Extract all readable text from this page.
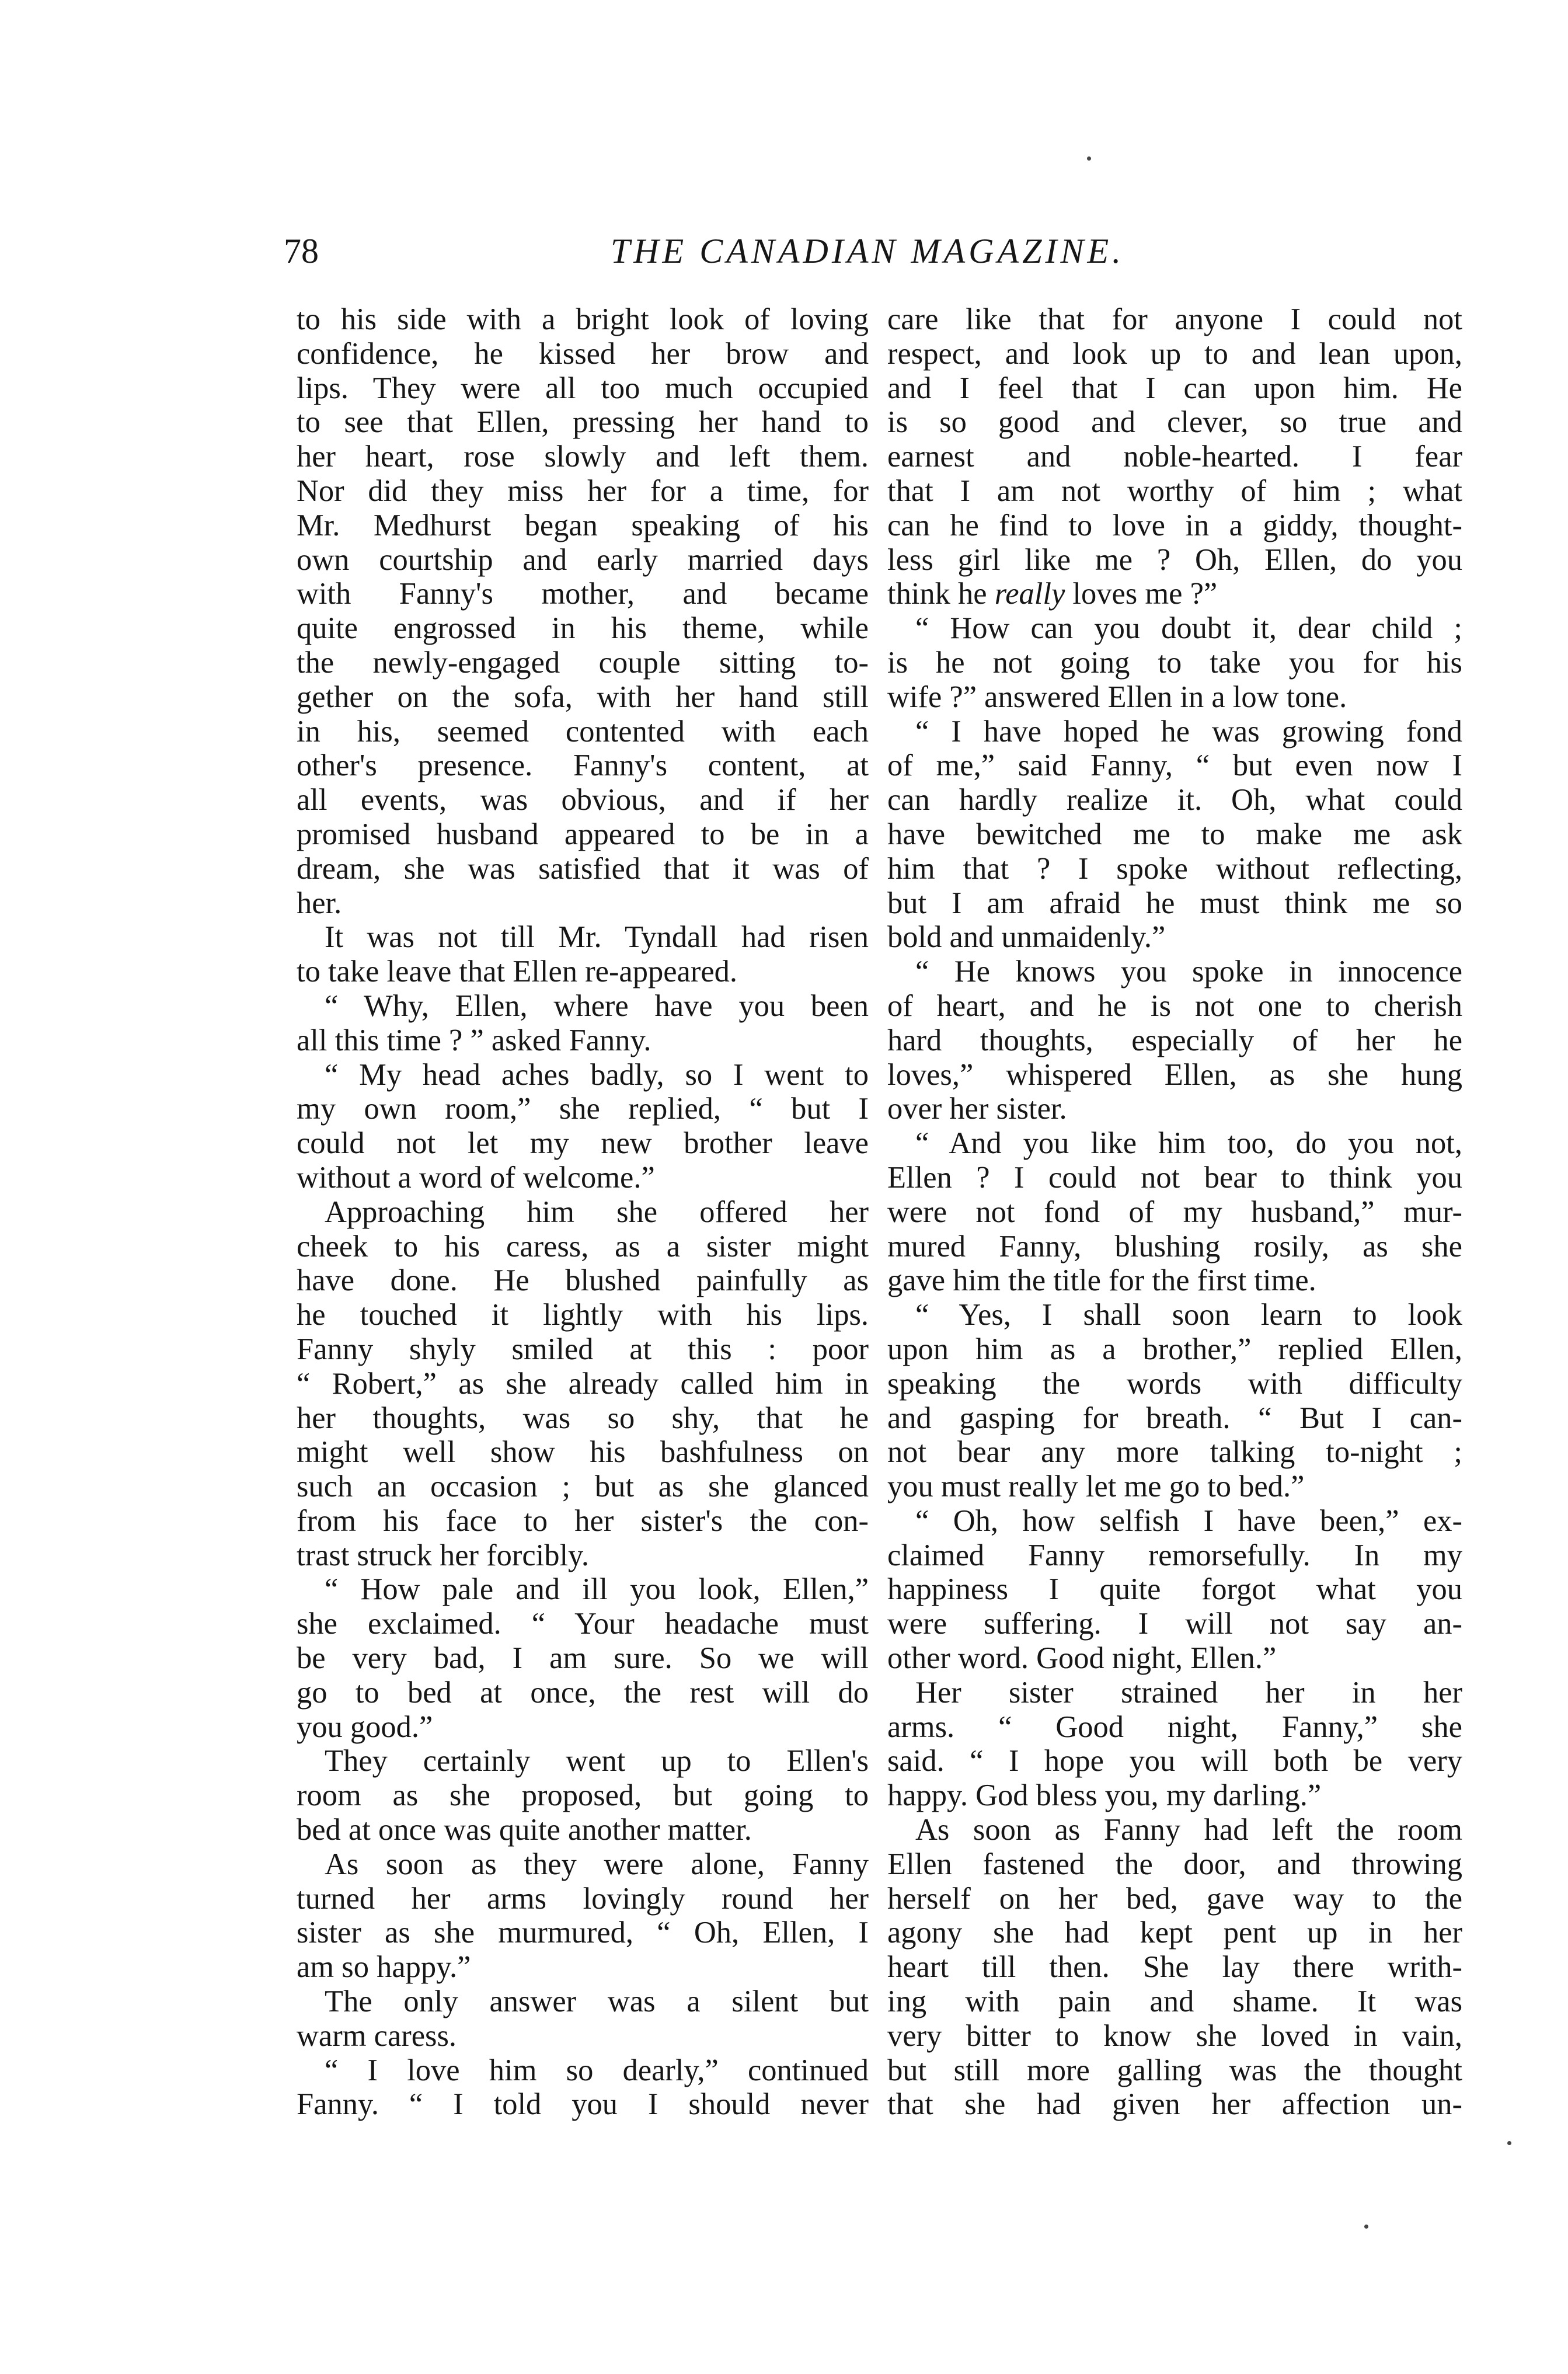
78	THE CANADIAN MAGAZINE.
to his side with a bright look of loving
confidence, he kissed her brow and
lips. They were all too much occupied
to see that Ellen, pressing her hand to
her heart, rose slowly and left them.
Nor did they miss her for a time, for
Mr. Medhurst began speaking of his
own courtship and early married days
with Fanny's mother, and became
quite engrossed in his theme, while
the newly-engaged couple sitting to-
gether on the sofa, with her hand still
in his, seemed contented with each
other's presence. Fanny's content, at
all events, was obvious, and if her
promised husband appeared to be in a
dream, she was satisfied that it was of
her.
It was not till Mr. Tyndall had risen
to take leave that Ellen re-appeared.
“ Why, Ellen, where have you been
all this time ? ” asked Fanny.
“ My head aches badly, so I went to
my own room,” she replied, “ but I
could not let my new brother leave
without a word of welcome.”
Approaching him she offered her
cheek to his caress, as a sister might
have done. He blushed painfully as
he touched it lightly with his lips.
Fanny shyly smiled at this : poor
“ Robert,” as she already called him in
her thoughts, was so shy, that he
might well show his bashfulness on
such an occasion ; but as she glanced
from his face to her sister's the con-
trast struck her forcibly.
“ How pale and ill you look, Ellen,”
she exclaimed. “ Your headache must
be very bad, I am sure. So we will
go to bed at once, the rest will do
you good.”
They certainly went up to Ellen's
room as she proposed, but going to
bed at once was quite another matter.
As soon as they were alone, Fanny
turned her arms lovingly round her
sister as she murmured, “ Oh, Ellen, I
am so happy.”
The only answer was a silent but
warm caress.
“ I love him so dearly,” continued
Fanny. “ I told you I should never
care like that for anyone I could not
respect, and look up to and lean upon,
and I feel that I can upon him. He
is so good and clever, so true and
earnest and noble-hearted. I fear
that I am not worthy of him ; what
can he find to love in a giddy, thought-
less girl like me ? Oh, Ellen, do you
think he really loves me ?”
“ How can you doubt it, dear child ;
is he not going to take you for his
wife ?” answered Ellen in a low tone.
“ I have hoped he was growing fond
of me,” said Fanny, “ but even now I
can hardly realize it. Oh, what could
have bewitched me to make me ask
him that ? I spoke without reflecting,
but I am afraid he must think me so
bold and unmaidenly.”
“ He knows you spoke in innocence
of heart, and he is not one to cherish
hard thoughts, especially of her he
loves,” whispered Ellen, as she hung
over her sister.
“ And you like him too, do you not,
Ellen ? I could not bear to think you
were not fond of my husband,” mur-
mured Fanny, blushing rosily, as she
gave him the title for the first time.
“ Yes, I shall soon learn to look
upon him as a brother,” replied Ellen,
speaking the words with difficulty
and gasping for breath. “ But I can-
not bear any more talking to-night ;
you must really let me go to bed.”
“ Oh, how selfish I have been,” ex-
claimed Fanny remorsefully. In my
happiness I quite forgot what you
were suffering. I will not say an-
other word. Good night, Ellen.”
Her sister strained her in her
arms. “ Good night, Fanny,” she
said. “ I hope you will both be very
happy. God bless you, my darling.”
As soon as Fanny had left the room
Ellen fastened the door, and throwing
herself on her bed, gave way to the
agony she had kept pent up in her
heart till then. She lay there writh-
ing with pain and shame. It was
very bitter to know she loved in vain,
but still more galling was the thought
that she had given her affection un-
